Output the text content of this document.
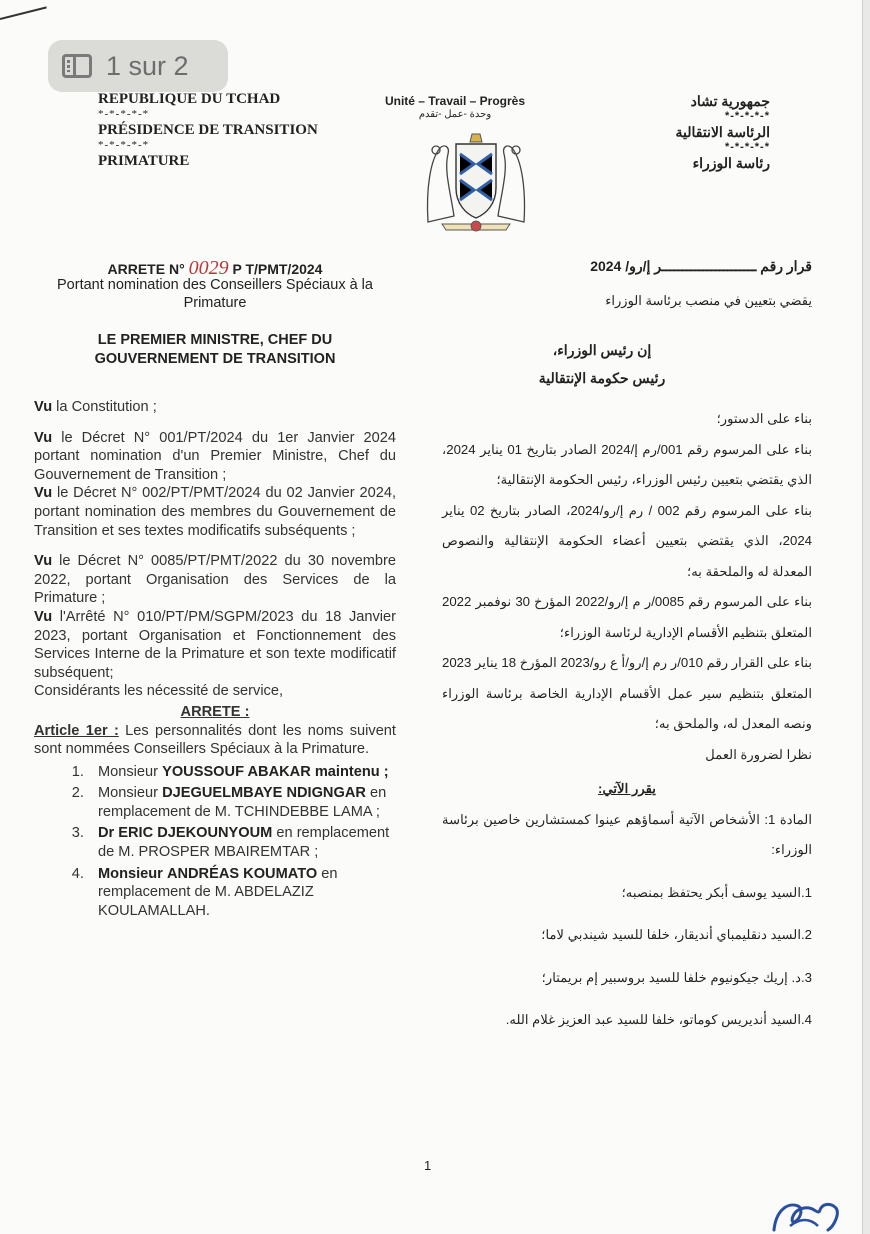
1 sur 2
REPUBLIQUE DU TCHAD
*-*-*-*-*
PRÉSIDENCE DE TRANSITION
*-*-*-*-*
PRIMATURE
Unité – Travail – Progrès
وحدة -عمل -تقدم
جمهورية تشاد
*-*-*-*-*
الرئاسة الانتقالية
*-*-*-*-*
رئاسة الوزراء
ARRETE N° 0029 P T/PMT/2024
Portant nomination des Conseillers Spéciaux à la Primature
LE PREMIER MINISTRE, CHEF DU GOUVERNEMENT DE TRANSITION

Vu la Constitution ;

Vu le Décret N° 001/PT/2024 du 1er Janvier 2024 portant nomination d'un Premier Ministre, Chef du Gouvernement de Transition ;

Vu le Décret N° 002/PT/PMT/2024 du 02 Janvier 2024, portant nomination des membres du Gouvernement de Transition et ses textes modificatifs subséquents ;

Vu le Décret N° 0085/PT/PMT/2022 du 30 novembre 2022, portant Organisation des Services de la Primature ;

Vu l'Arrêté N° 010/PT/PM/SGPM/2023 du 18 Janvier 2023, portant Organisation et Fonctionnement des Services Interne de la Primature et son texte modificatif subséquent;

Considérants les nécessité de service,

ARRETE :

Article 1er : Les personnalités dont les noms suivent sont nommées Conseillers Spéciaux à la Primature.

1. Monsieur YOUSSOUF ABAKAR maintenu ;
2. Monsieur DJEGUELMBAYE NDIGNGAR en remplacement de M. TCHINDEBBE LAMA ;
3. Dr ERIC DJEKOUNYOUM en remplacement de M. PROSPER MBAIREMTAR ;
4. Monsieur ANDRÉAS KOUMATO en remplacement de M. ABDELAZIZ KOULAMALLAH.
قرار رقم ـــــــــــــــــــــــر إ/رو/ 2024
يقضي بتعيين في منصب برئاسة الوزراء
إن رئيس الوزراء،
رئيس حكومة الإنتقالية

بناء على الدستور؛

بناء على المرسوم رقم 001/رم إ/2024 الصادر بتاريخ 01 يناير 2024، الذي يقتضي بتعيين رئيس الوزراء، رئيس الحكومة الإنتقالية؛

بناء على المرسوم رقم 002 / رم إ/رو/2024، الصادر بتاريخ 02 يناير 2024، الذي يقتضي بتعيين أعضاء الحكومة الإنتقالية والنصوص المعدلة له والملحقة به؛

بناء على المرسوم رقم 0085/ر م إ/رو/2022 المؤرخ 30 نوفمبر 2022 المتعلق بتنظيم الأقسام الإدارية لرئاسة الوزراء؛

بناء على القرار رقم 010/ر رم إ/رو/أ ع رو/2023 المؤرخ 18 يناير 2023 المتعلق بتنظيم سير عمل الأقسام الإدارية الخاصة برئاسة الوزراء ونصه المعدل له، والملحق به؛

نظرا لضرورة العمل

يقرر الآتي:

المادة 1: الأشخاص الآتية أسماؤهم عينوا كمستشارين خاصين برئاسة الوزراء:

1.السيد يوسف أبكر يحتفظ بمنصبه؛

2.السيد دنقليمباي أنديقار، خلفا للسيد شيندبي لاما؛

3.د. إريك جيكونيوم خلفا للسيد بروسبير إم بريمتار؛

4.السيد أنديريس كوماتو، خلفا للسيد عبد العزيز غلام الله.

1
